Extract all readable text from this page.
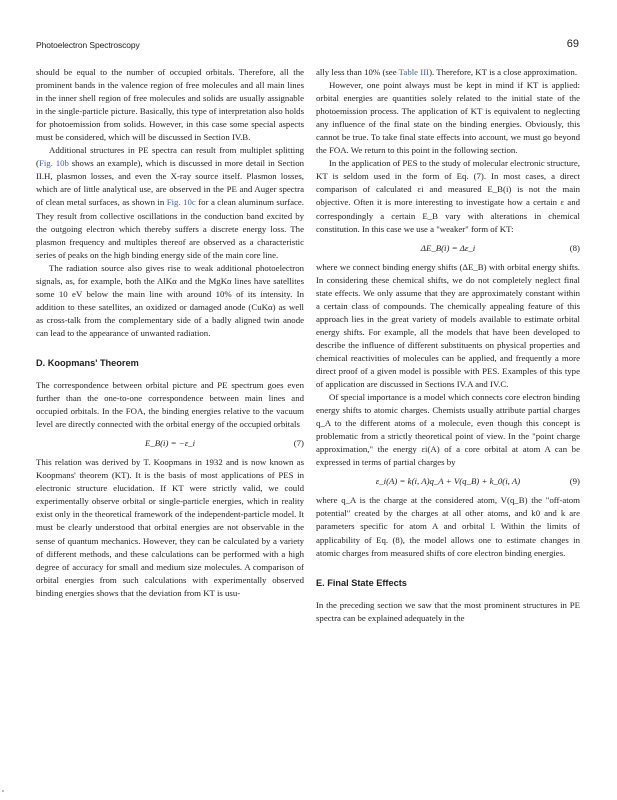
Photoelectron Spectroscopy	69

should be equal to the number of occupied orbitals. Therefore, all the prominent bands in the valence region of free molecules and all main lines in the inner shell region of free molecules and solids are usually assignable in the single-particle picture. Basically, this type of interpretation also holds for photoemission from solids. However, in this case some special aspects must be considered, which will be discussed in Section IV.B.

Additional structures in PE spectra can result from multiplet splitting (Fig. 10b shows an example), which is discussed in more detail in Section II.H, plasmon losses, and even the X-ray source itself. Plasmon losses, which are of little analytical use, are observed in the PE and Auger spectra of clean metal surfaces, as shown in Fig. 10c for a clean aluminum surface. They result from collective oscillations in the conduction band excited by the outgoing electron which thereby suffers a discrete energy loss. The plasmon frequency and multiples thereof are observed as a characteristic series of peaks on the high binding energy side of the main core line.

The radiation source also gives rise to weak additional photoelectron signals, as, for example, both the AlKα and the MgKα lines have satellites some 10 eV below the main line with around 10% of its intensity. In addition to these satellites, an oxidized or damaged anode (CuKα) as well as cross-talk from the complementary side of a badly aligned twin anode can lead to the appearance of unwanted radiation.

D. Koopmans' Theorem

The correspondence between orbital picture and PE spectrum goes even further than the one-to-one correspondence between main lines and occupied orbitals. In the FOA, the binding energies relative to the vacuum level are directly connected with the orbital energy of the occupied orbitals

E_B(i) = −ε_i	(7)

This relation was derived by T. Koopmans in 1932 and is now known as Koopmans' theorem (KT). It is the basis of most applications of PES in electronic structure elucidation. If KT were strictly valid, we could experimentally observe orbital or single-particle energies, which in reality exist only in the theoretical framework of the independent-particle model. It must be clearly understood that orbital energies are not observable in the sense of quantum mechanics. However, they can be calculated by a variety of different methods, and these calculations can be performed with a high degree of accuracy for small and medium size molecules. A comparison of orbital energies from such calculations with experimentally observed binding energies shows that the deviation from KT is usu-

ally less than 10% (see Table III). Therefore, KT is a close approximation.

However, one point always must be kept in mind if KT is applied: orbital energies are quantities solely related to the initial state of the photoemission process. The application of KT is equivalent to neglecting any influence of the final state on the binding energies. Obviously, this cannot be true. To take final state effects into account, we must go beyond the FOA. We return to this point in the following section.

In the application of PES to the study of molecular electronic structure, KT is seldom used in the form of Eq. (7). In most cases, a direct comparison of calculated εi and measured E_B(i) is not the main objective. Often it is more interesting to investigate how a certain ε and correspondingly a certain E_B vary with alterations in chemical constitution. In this case we use a "weaker" form of KT:

ΔE_B(i) = Δε_i	(8)

where we connect binding energy shifts (ΔE_B) with orbital energy shifts. In considering these chemical shifts, we do not completely neglect final state effects. We only assume that they are approximately constant within a certain class of compounds. The chemically appealing feature of this approach lies in the great variety of models available to estimate orbital energy shifts. For example, all the models that have been developed to describe the influence of different substituents on physical properties and chemical reactivities of molecules can be applied, and frequently a more direct proof of a given model is possible with PES. Examples of this type of application are discussed in Sections IV.A and IV.C.

Of special importance is a model which connects core electron binding energy shifts to atomic charges. Chemists usually attribute partial charges q_A to the different atoms of a molecule, even though this concept is problematic from a strictly theoretical point of view. In the "point charge approximation," the energy εi(A) of a core orbital at atom A can be expressed in terms of partial charges by

ε_i(A) = k(i, A)q_A + V(q_B) + k_0(i, A)	(9)

where q_A is the charge at the considered atom, V(q_B) the "off-atom potential" created by the charges at all other atoms, and k0 and k are parameters specific for atom A and orbital l. Within the limits of applicability of Eq. (8), the model allows one to estimate changes in atomic charges from measured shifts of core electron binding energies.

E. Final State Effects

In the preceding section we saw that the most prominent structures in PE spectra can be explained adequately in the
